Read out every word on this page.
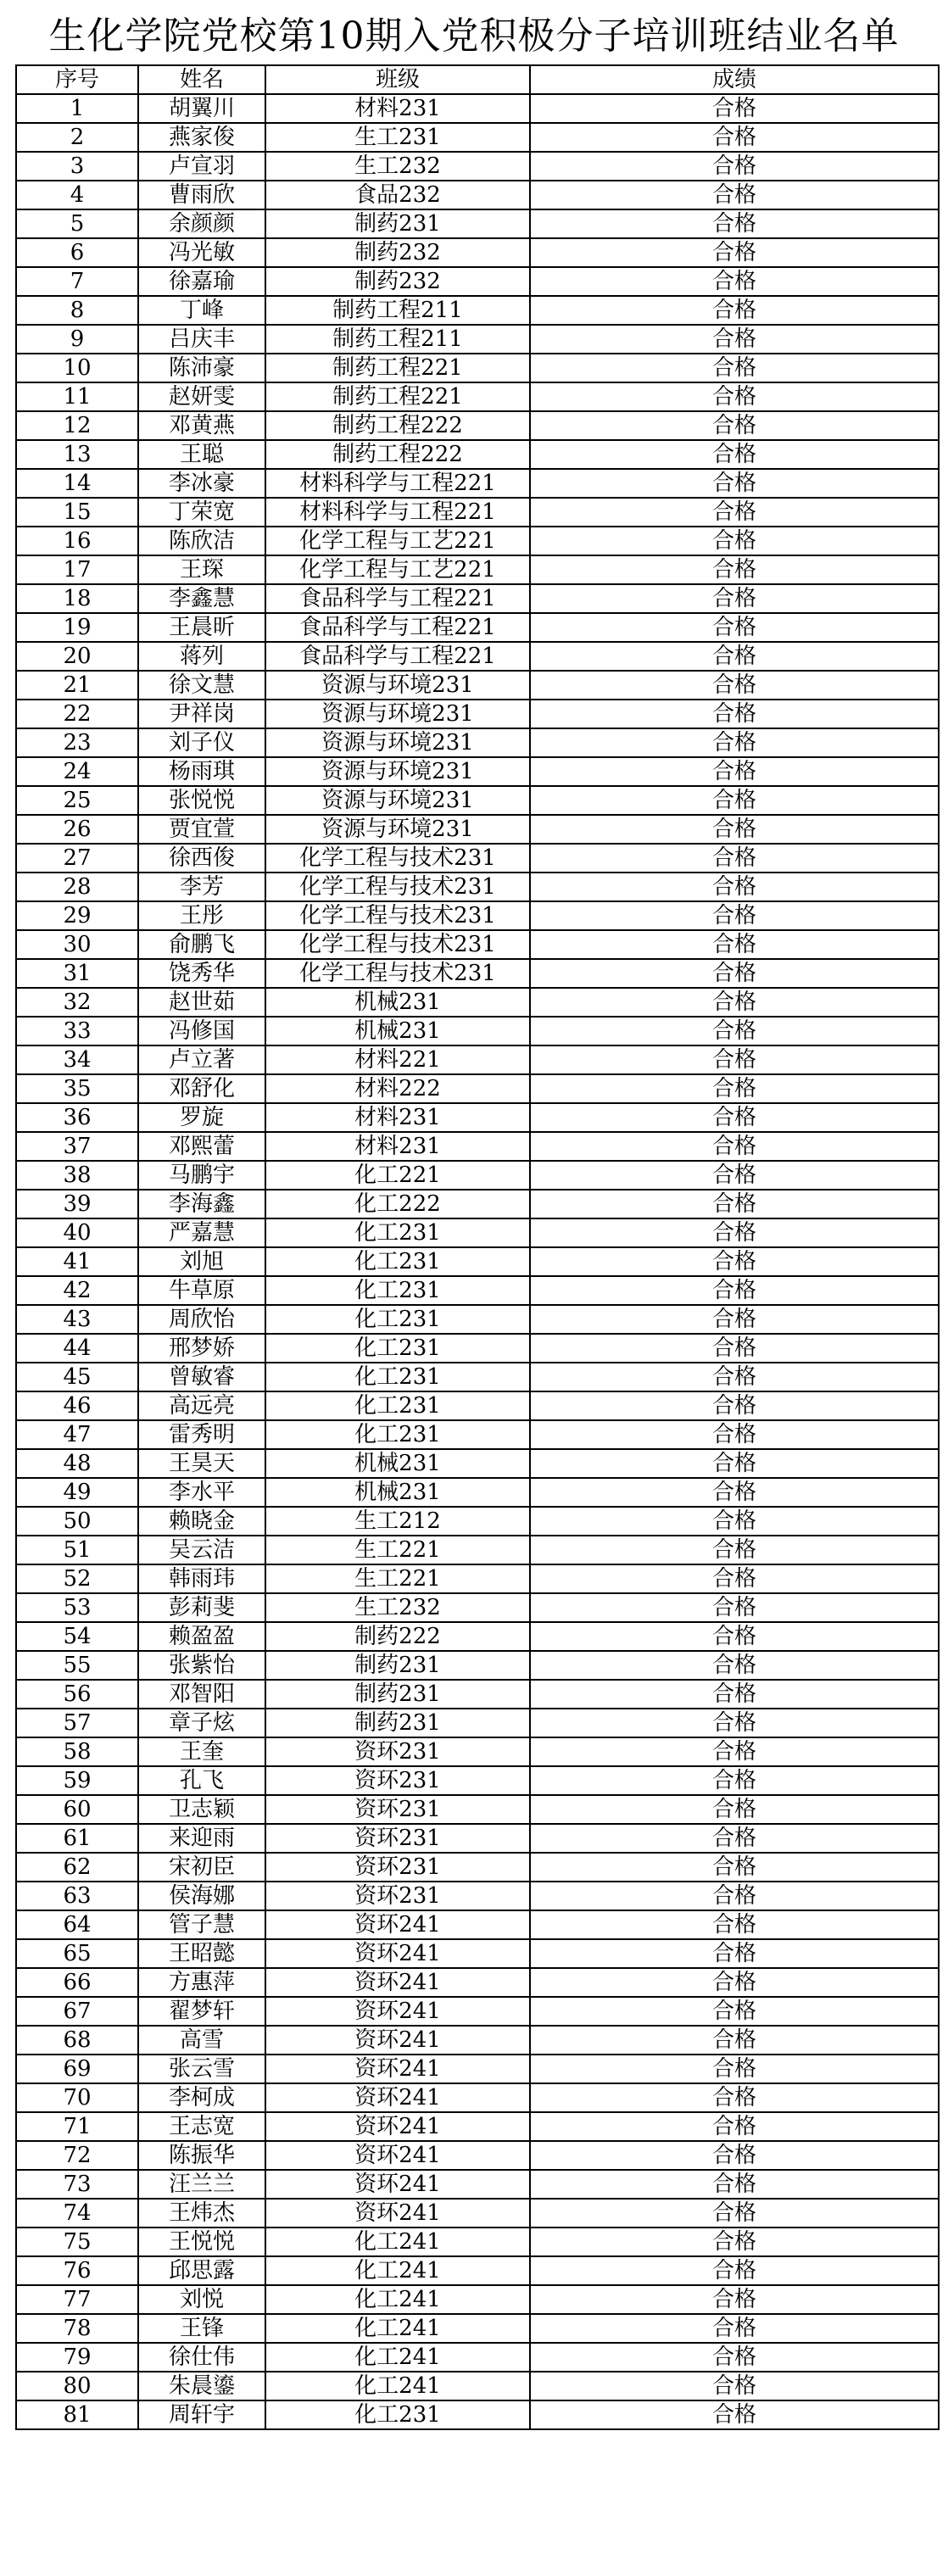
生化学院党校第10期入党积极分子培训班结业名单
序号	姓名	班级	成绩
1	胡翼川	材料231	合格
2	燕家俊	生工231	合格
3	卢宣羽	生工232	合格
4	曹雨欣	食品232	合格
5	余颜颜	制药231	合格
6	冯光敏	制药232	合格
7	徐嘉瑜	制药232	合格
8	丁峰	制药工程211	合格
9	吕庆丰	制药工程211	合格
10	陈沛豪	制药工程221	合格
11	赵妍雯	制药工程221	合格
12	邓黄燕	制药工程222	合格
13	王聪	制药工程222	合格
14	李冰豪	材料科学与工程221	合格
15	丁荣宽	材料科学与工程221	合格
16	陈欣洁	化学工程与工艺221	合格
17	王琛	化学工程与工艺221	合格
18	李鑫慧	食品科学与工程221	合格
19	王晨昕	食品科学与工程221	合格
20	蒋列	食品科学与工程221	合格
21	徐文慧	资源与环境231	合格
22	尹祥岗	资源与环境231	合格
23	刘子仪	资源与环境231	合格
24	杨雨琪	资源与环境231	合格
25	张悦悦	资源与环境231	合格
26	贾宜萱	资源与环境231	合格
27	徐西俊	化学工程与技术231	合格
28	李芳	化学工程与技术231	合格
29	王彤	化学工程与技术231	合格
30	俞鹏飞	化学工程与技术231	合格
31	饶秀华	化学工程与技术231	合格
32	赵世茹	机械231	合格
33	冯修国	机械231	合格
34	卢立著	材料221	合格
35	邓舒化	材料222	合格
36	罗旋	材料231	合格
37	邓熙蕾	材料231	合格
38	马鹏宇	化工221	合格
39	李海鑫	化工222	合格
40	严嘉慧	化工231	合格
41	刘旭	化工231	合格
42	牛草原	化工231	合格
43	周欣怡	化工231	合格
44	邢梦娇	化工231	合格
45	曾敏睿	化工231	合格
46	高远亮	化工231	合格
47	雷秀明	化工231	合格
48	王昊天	机械231	合格
49	李水平	机械231	合格
50	赖晓金	生工212	合格
51	吴云洁	生工221	合格
52	韩雨玮	生工221	合格
53	彭莉斐	生工232	合格
54	赖盈盈	制药222	合格
55	张紫怡	制药231	合格
56	邓智阳	制药231	合格
57	章子炫	制药231	合格
58	王奎	资环231	合格
59	孔飞	资环231	合格
60	卫志颖	资环231	合格
61	来迎雨	资环231	合格
62	宋初臣	资环231	合格
63	侯海娜	资环231	合格
64	管子慧	资环241	合格
65	王昭懿	资环241	合格
66	方惠萍	资环241	合格
67	翟梦轩	资环241	合格
68	高雪	资环241	合格
69	张云雪	资环241	合格
70	李柯成	资环241	合格
71	王志宽	资环241	合格
72	陈振华	资环241	合格
73	汪兰兰	资环241	合格
74	王炜杰	资环241	合格
75	王悦悦	化工241	合格
76	邱思露	化工241	合格
77	刘悦	化工241	合格
78	王锋	化工241	合格
79	徐仕伟	化工241	合格
80	朱晨鎏	化工241	合格
81	周轩宇	化工231	合格
